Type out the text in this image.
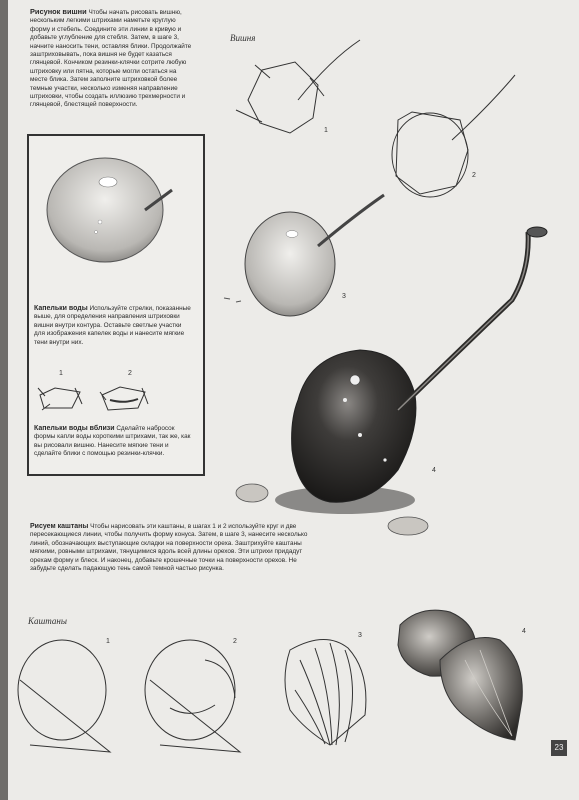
Рисунок вишни Чтобы начать рисовать вишню, нескольким легкими штрихами наметьте круглую форму и стебель. Соедините эти линии в кривую и добавьте углубление для стебля. Затем, в шаге 3, начните наносить тени, оставляя блики. Продолжайте заштриховывать, пока вишня не будет казаться глянцевой. Кончиком резинки-клячки сотрите любую штриховку или пятна, которые могли остаться на месте блика. Затем заполните штриховкой более темные участки, несколько изменяя направление штриховки, чтобы создать иллюзию трехмерности и глянцевой, блестящей поверхности.
Вишня
1
2
3
4
Капельки воды Используйте стрелки, показанные выше, для определения направления штриховки вишни внутри контура. Оставьте светлые участки для изображения капелек воды и нанесите мягкие тени внутри них.
1	2
Капельки воды вблизи Сделайте набросок формы капли воды короткими штрихами, так же, как вы рисовали вишню. Нанесите мягкие тени и сделайте блики с помощью резинки-клячки.
Рисуем каштаны Чтобы нарисовать эти каштаны, в шагах 1 и 2 используйте круг и две пересекающиеся линии, чтобы получить форму конуса. Затем, в шаге 3, нанесите несколько линий, обозначающих выступающие складки на поверхности ореха. Заштрихуйте каштаны мягкими, ровными штрихами, тянущимися вдоль всей длины орехов. Эти штрихи придадут орехам форму и блеск. И наконец, добавьте крошечные точки на поверхности орехов. Не забудьте сделать падающую тень самой темной частью рисунка.
Каштаны
1	2
3
4
23
